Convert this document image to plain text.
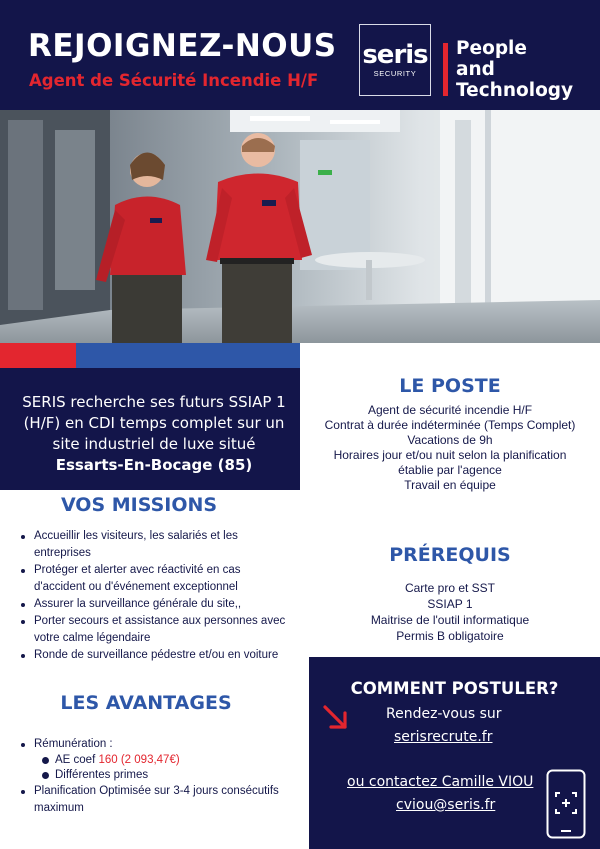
REJOIGNEZ-NOUS
Agent de Sécurité Incendie H/F
seris
SECURITY
People
and
Technology
SERIS recherche ses futurs SSIAP 1 (H/F) en CDI temps complet sur un site industriel de luxe situé Essarts-En-Bocage (85)
LE POSTE
Agent de sécurité incendie H/F
Contrat à durée indéterminée (Temps Complet)
Vacations de 9h
Horaires jour et/ou nuit selon la planification
établie par l'agence
Travail en équipe
VOS MISSIONS
Accueillir les visiteurs, les salariés et les entreprises
Protéger et alerter avec réactivité en cas d'accident ou d'événement exceptionnel
Assurer la surveillance générale du site,,
Porter secours et assistance aux personnes avec votre calme légendaire
Ronde de surveillance pédestre et/ou en voiture
LES AVANTAGES
Rémunération :
AE coef 160 (2 093,47€)
Différentes primes
Planification Optimisée sur 3-4 jours consécutifs maximum
PRÉREQUIS
Carte pro et SST
SSIAP 1
Maitrise de l'outil informatique
Permis B obligatoire
COMMENT POSTULER?
Rendez-vous sur
serisrecrute.fr
ou contactez Camille VIOU
cviou@seris.fr
